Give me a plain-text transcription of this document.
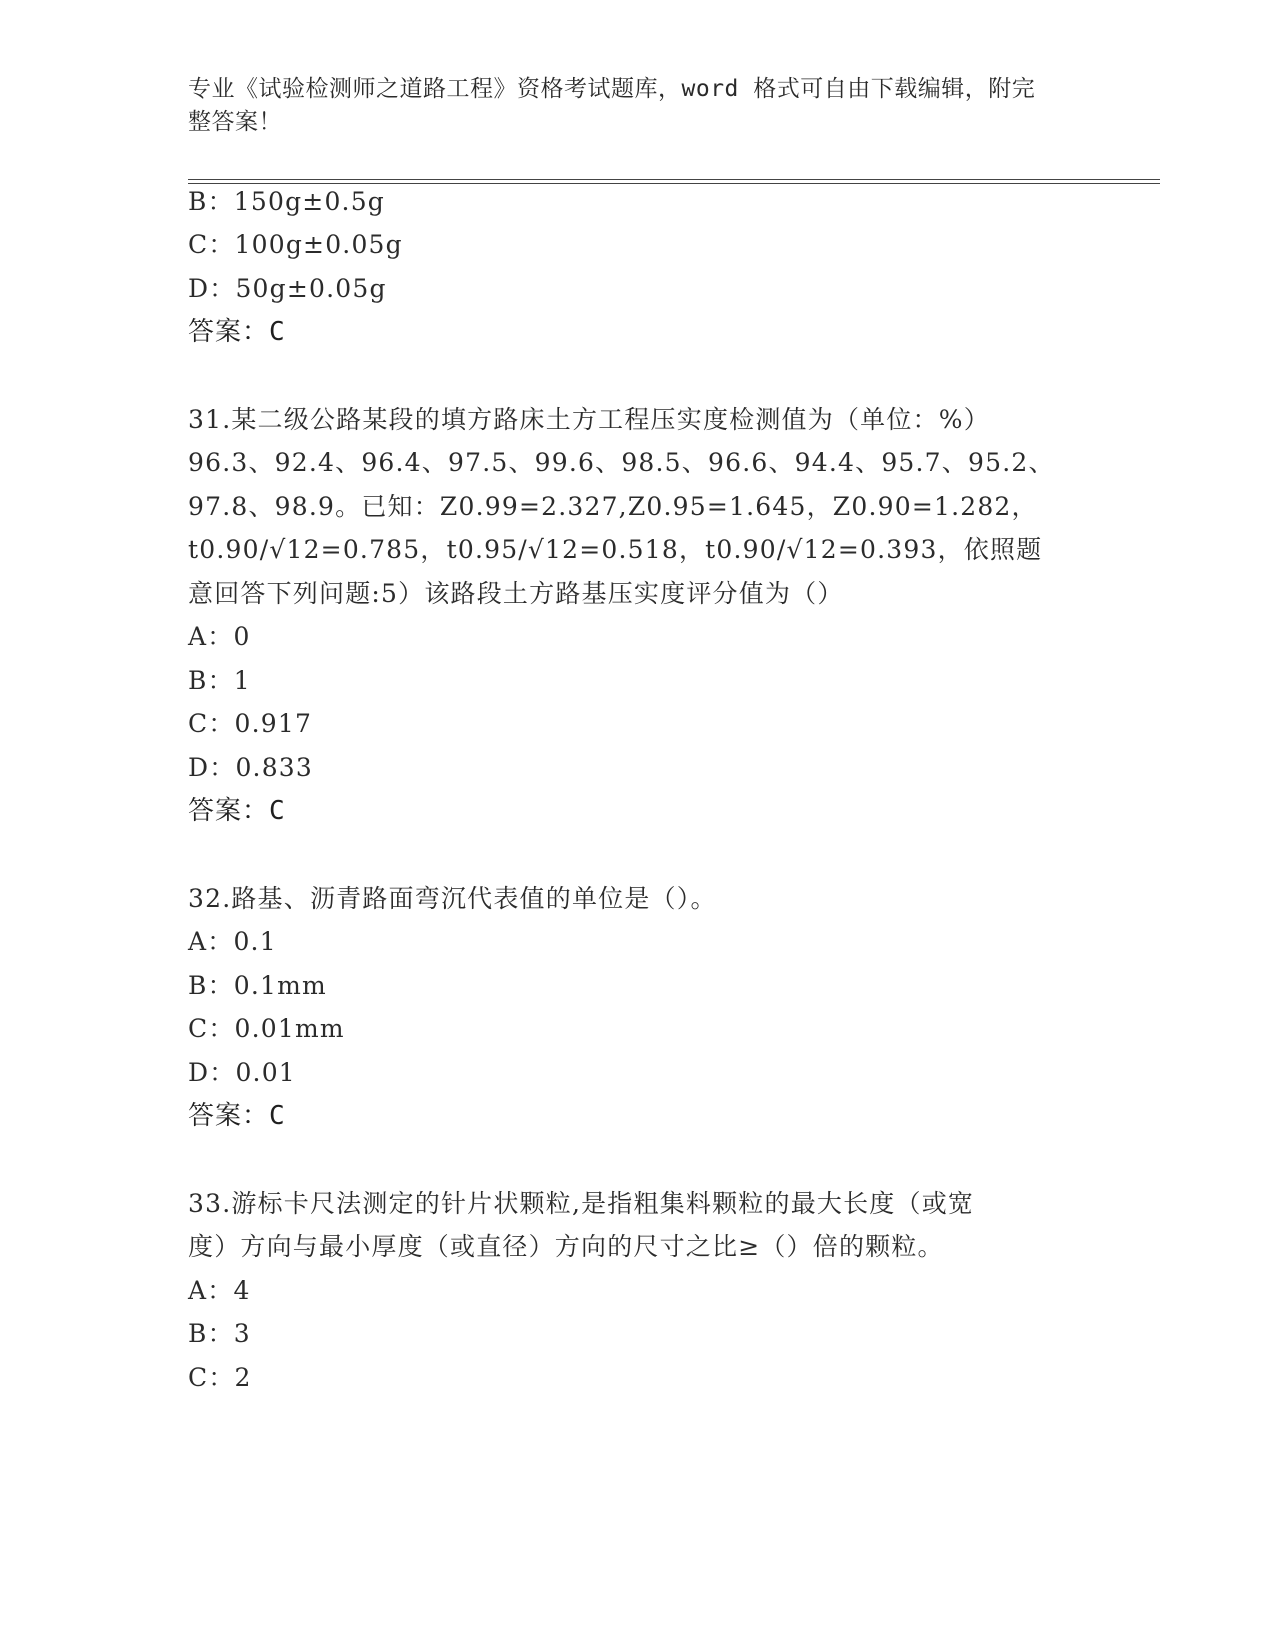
专业《试验检测师之道路工程》资格考试题库，word 格式可自由下载编辑，附完
整答案！
B：150g±0.5g
C：100g±0.05g
D：50g±0.05g
答案：C
31.某二级公路某段的填方路床土方工程压实度检测值为（单位：%）
96.3、92.4、96.4、97.5、99.6、98.5、96.6、94.4、95.7、95.2、
97.8、98.9。已知：Z0.99=2.327,Z0.95=1.645，Z0.90=1.282，
t0.90/√12=0.785，t0.95/√12=0.518，t0.90/√12=0.393，依照题
意回答下列问题:5）该路段土方路基压实度评分值为（）
A：0
B：1
C：0.917
D：0.833
答案：C
32.路基、沥青路面弯沉代表值的单位是（）。
A：0.1
B：0.1mm
C：0.01mm
D：0.01
答案：C
33.游标卡尺法测定的针片状颗粒,是指粗集料颗粒的最大长度（或宽
度）方向与最小厚度（或直径）方向的尺寸之比≥（）倍的颗粒。
A：4
B：3
C：2
